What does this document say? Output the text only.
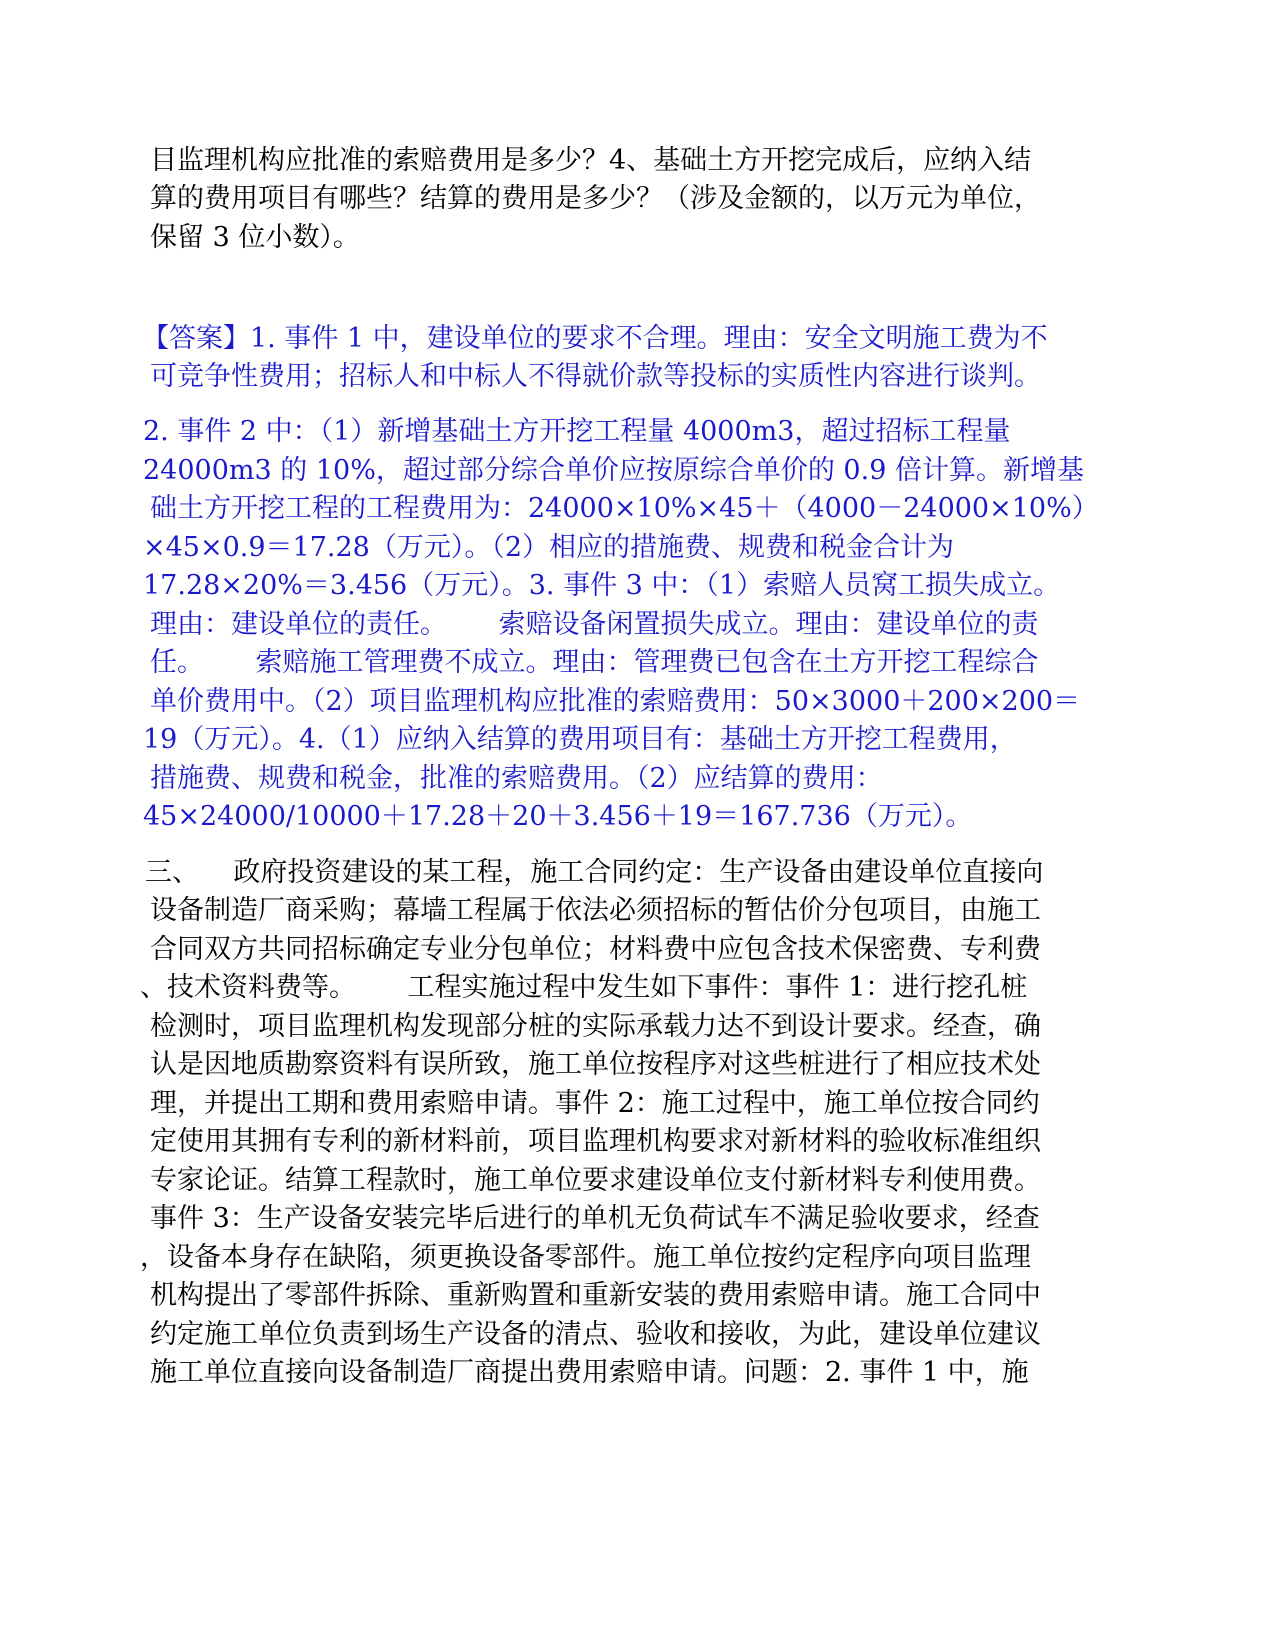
目监理机构应批准的索赔费用是多少？4、基础土方开挖完成后，应纳入结
算的费用项目有哪些？结算的费用是多少？（涉及金额的，以万元为单位，
保留 3 位小数）。
【答案】1. 事件 1 中，建设单位的要求不合理。理由：安全文明施工费为不
可竞争性费用；招标人和中标人不得就价款等投标的实质性内容进行谈判。
2. 事件 2 中：（1）新增基础土方开挖工程量 4000m3，超过招标工程量
24000m3 的 10%，超过部分综合单价应按原综合单价的 0.9 倍计算。新增基
础土方开挖工程的工程费用为：24000×10%×45＋（4000－24000×10%）
×45×0.9＝17.28（万元）。（2）相应的措施费、规费和税金合计为
17.28×20%＝3.456（万元）。3. 事件 3 中：（1）索赔人员窝工损失成立。
理由：建设单位的责任。      索赔设备闲置损失成立。理由：建设单位的责
任。      索赔施工管理费不成立。理由：管理费已包含在土方开挖工程综合
单价费用中。（2）项目监理机构应批准的索赔费用：50×3000＋200×200＝
19（万元）。4.（1）应纳入结算的费用项目有：基础土方开挖工程费用，
措施费、规费和税金，批准的索赔费用。（2）应结算的费用：
45×24000/10000＋17.28＋20＋3.456＋19＝167.736（万元）。
三、    政府投资建设的某工程，施工合同约定：生产设备由建设单位直接向
设备制造厂商采购；幕墙工程属于依法必须招标的暂估价分包项目，由施工
合同双方共同招标确定专业分包单位；材料费中应包含技术保密费、专利费
、技术资料费等。      工程实施过程中发生如下事件：事件 1：进行挖孔桩
检测时，项目监理机构发现部分桩的实际承载力达不到设计要求。经查，确
认是因地质勘察资料有误所致，施工单位按程序对这些桩进行了相应技术处
理，并提出工期和费用索赔申请。事件 2：施工过程中，施工单位按合同约
定使用其拥有专利的新材料前，项目监理机构要求对新材料的验收标准组织
专家论证。结算工程款时，施工单位要求建设单位支付新材料专利使用费。
事件 3：生产设备安装完毕后进行的单机无负荷试车不满足验收要求，经查
，设备本身存在缺陷，须更换设备零部件。施工单位按约定程序向项目监理
机构提出了零部件拆除、重新购置和重新安装的费用索赔申请。施工合同中
约定施工单位负责到场生产设备的清点、验收和接收，为此，建设单位建议
施工单位直接向设备制造厂商提出费用索赔申请。问题：2. 事件 1 中，施
